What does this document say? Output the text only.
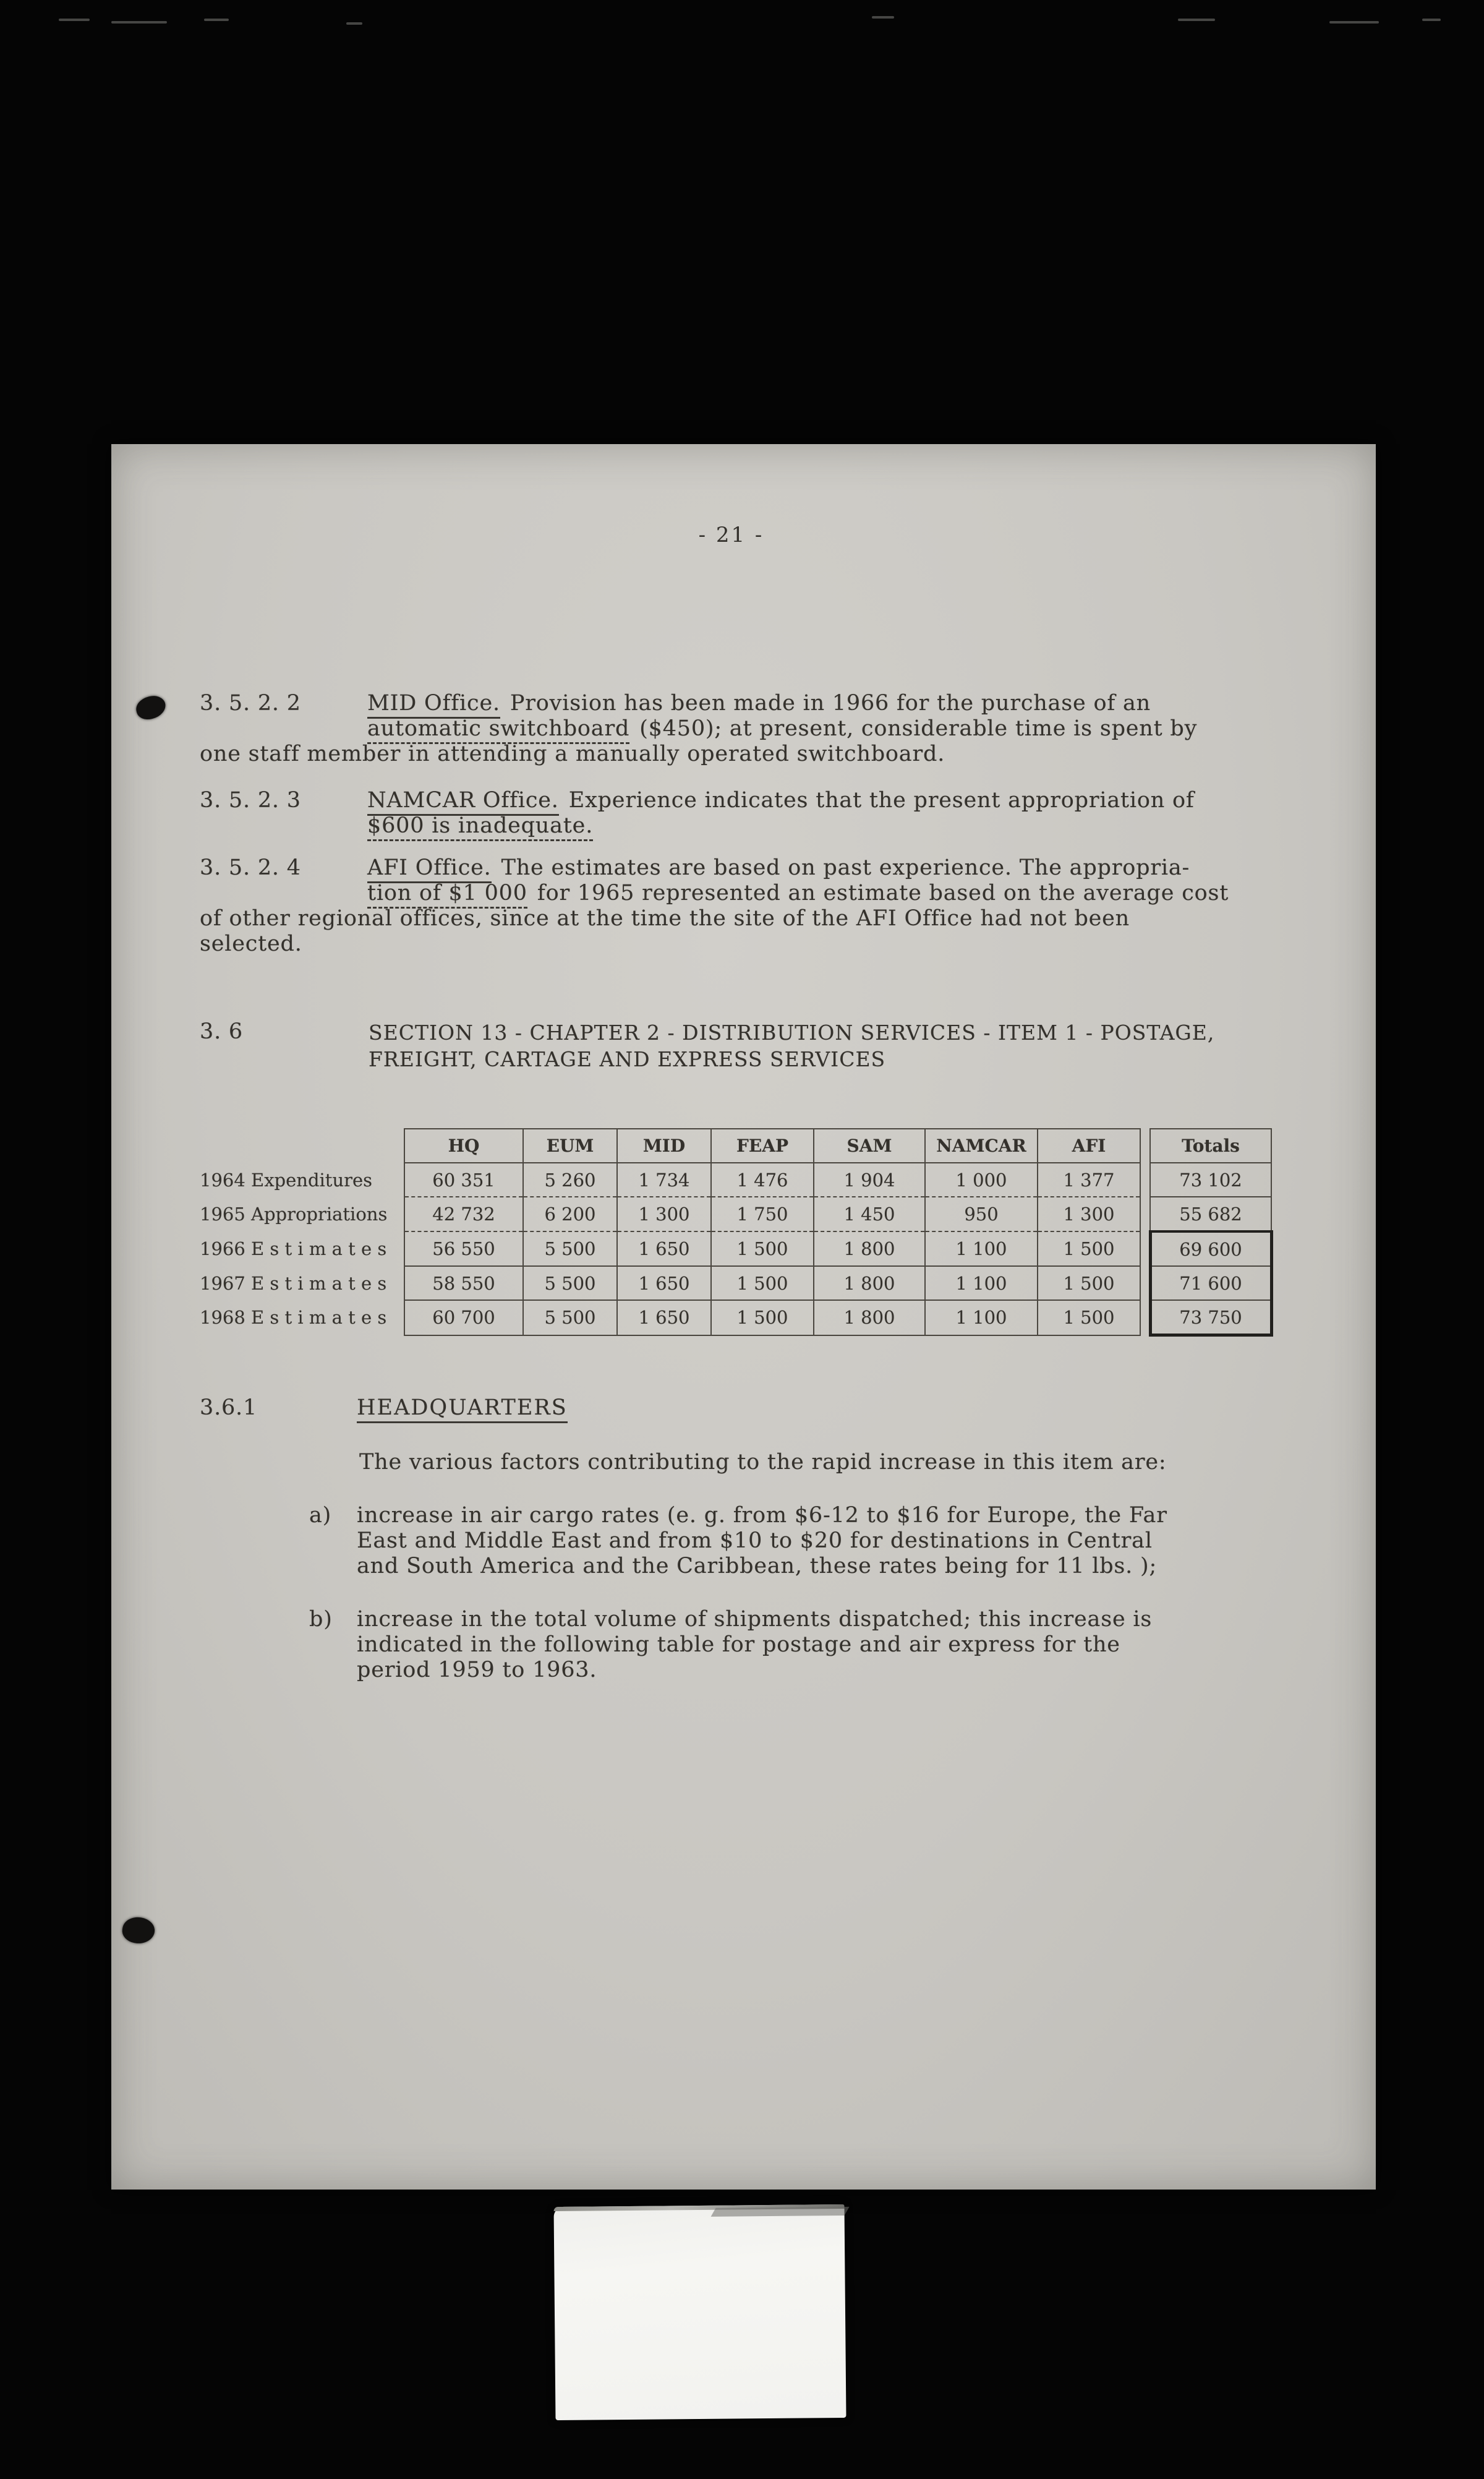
- 21 -
3. 5. 2. 2	MID Office. Provision has been made in 1966 for the purchase of an
automatic switchboard ($450); at present, considerable time is spent by
one staff member in attending a manually operated switchboard.
3. 5. 2. 3	NAMCAR Office. Experience indicates that the present appropriation of
$600 is inadequate.
3. 5. 2. 4	AFI Office. The estimates are based on past experience. The appropria-
tion of $1 000 for 1965 represented an estimate based on the average cost
of other regional offices, since at the time the site of the AFI Office had not been
selected.
3. 6	SECTION 13 - CHAPTER 2 - DISTRIBUTION SERVICES - ITEM 1 - POSTAGE,
FREIGHT, CARTAGE AND EXPRESS SERVICES
	HQ	EUM	MID	FEAP	SAM	NAMCAR	AFI		Totals
1964 Expenditures	60 351	5 260	1 734	1 476	1 904	1 000	1 377		73 102
1965 Appropriations	42 732	6 200	1 300	1 750	1 450	950	1 300		55 682
1966 E s t i m a t e s	56 550	5 500	1 650	1 500	1 800	1 100	1 500		69 600
1967 E s t i m a t e s	58 550	5 500	1 650	1 500	1 800	1 100	1 500		71 600
1968 E s t i m a t e s	60 700	5 500	1 650	1 500	1 800	1 100	1 500		73 750
3.6.1	HEADQUARTERS
The various factors contributing to the rapid increase in this item are:
a) increase in air cargo rates (e. g. from $6-12 to $16 for Europe, the Far
East and Middle East and from $10 to $20 for destinations in Central
and South America and the Caribbean, these rates being for 11 lbs. );
b) increase in the total volume of shipments dispatched; this increase is
indicated in the following table for postage and air express for the
period 1959 to 1963.
